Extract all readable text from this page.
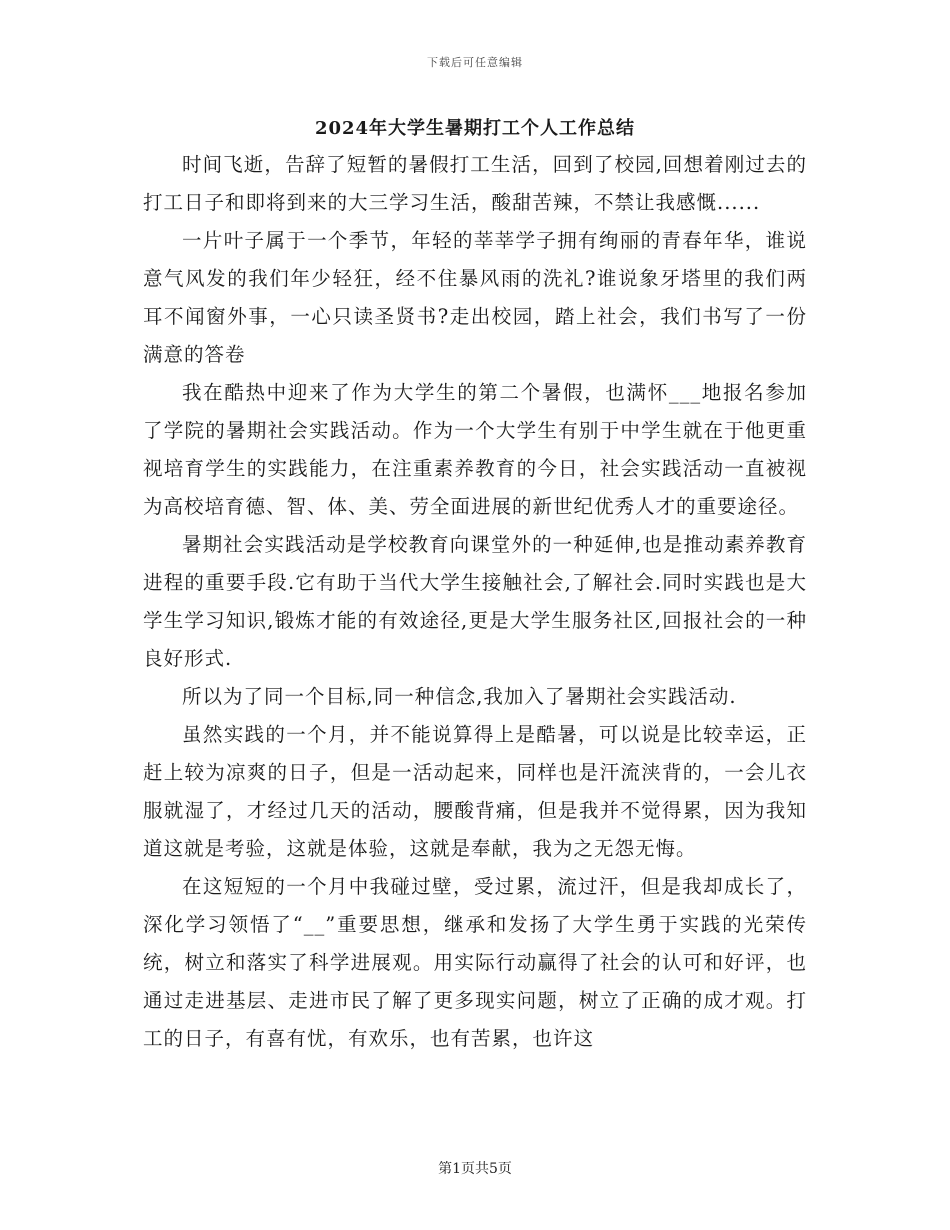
下载后可任意编辑
2024年大学生暑期打工个人工作总结

时间飞逝，告辞了短暂的暑假打工生活，回到了校园,回想着刚过去的打工日子和即将到来的大三学习生活，酸甜苦辣，不禁让我感慨......

一片叶子属于一个季节，年轻的莘莘学子拥有绚丽的青春年华，谁说意气风发的我们年少轻狂，经不住暴风雨的洗礼?谁说象牙塔里的我们两耳不闻窗外事，一心只读圣贤书?走出校园，踏上社会，我们书写了一份满意的答卷

我在酷热中迎来了作为大学生的第二个暑假，也满怀___地报名参加了学院的暑期社会实践活动。作为一个大学生有别于中学生就在于他更重视培育学生的实践能力，在注重素养教育的今日，社会实践活动一直被视为高校培育德、智、体、美、劳全面进展的新世纪优秀人才的重要途径。

暑期社会实践活动是学校教育向课堂外的一种延伸,也是推动素养教育进程的重要手段.它有助于当代大学生接触社会,了解社会.同时实践也是大学生学习知识,锻炼才能的有效途径,更是大学生服务社区,回报社会的一种良好形式.

所以为了同一个目标,同一种信念,我加入了暑期社会实践活动.

虽然实践的一个月，并不能说算得上是酷暑，可以说是比较幸运，正赶上较为凉爽的日子，但是一活动起来，同样也是汗流浃背的，一会儿衣服就湿了，才经过几天的活动，腰酸背痛，但是我并不觉得累，因为我知道这就是考验，这就是体验，这就是奉献，我为之无怨无悔。

在这短短的一个月中我碰过壁，受过累，流过汗，但是我却成长了，深化学习领悟了“__”重要思想，继承和发扬了大学生勇于实践的光荣传统，树立和落实了科学进展观。用实际行动赢得了社会的认可和好评，也通过走进基层、走进市民了解了更多现实问题，树立了正确的成才观。打工的日子，有喜有忧，有欢乐，也有苦累，也许这

第1页共5页
